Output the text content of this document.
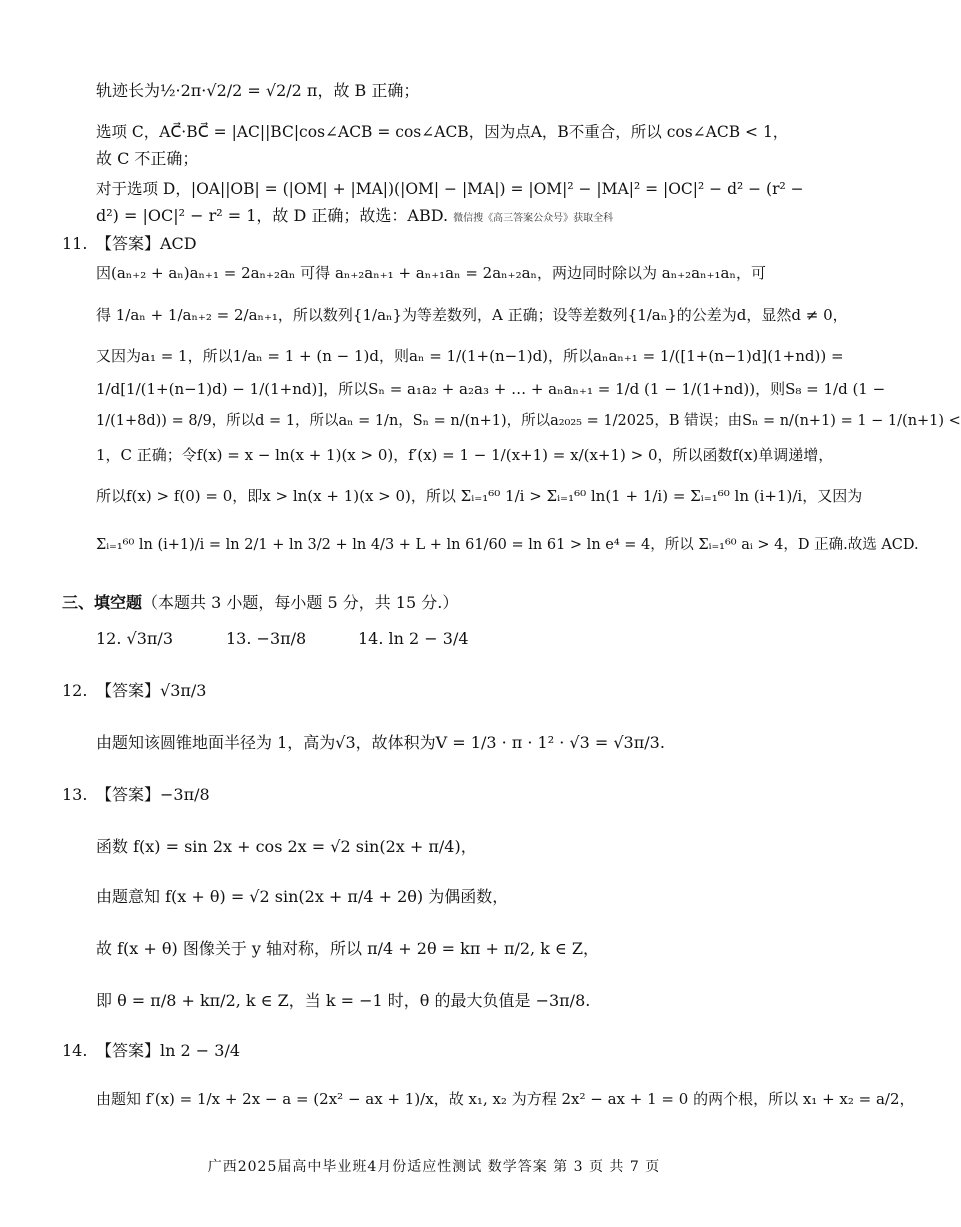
轨迹长为½·2π·√2/2 = √2/2 π，故 B 正确；
选项 C，AC⃗·BC⃗ = |AC||BC|cos∠ACB = cos∠ACB，因为点A，B不重合，所以 cos∠ACB < 1，
故 C 不正确；
对于选项 D，|OA||OB| = (|OM| + |MA|)(|OM| − |MA|) = |OM|² − |MA|² = |OC|² − d² − (r² −
d²) = |OC|² − r² = 1，故 D 正确；故选：ABD. 微信搜《高三答案公众号》获取全科
11. 【答案】ACD
因(aₙ₊₂ + aₙ)aₙ₊₁ = 2aₙ₊₂aₙ 可得 aₙ₊₂aₙ₊₁ + aₙ₊₁aₙ = 2aₙ₊₂aₙ，两边同时除以为 aₙ₊₂aₙ₊₁aₙ，可
得 1/aₙ + 1/aₙ₊₂ = 2/aₙ₊₁，所以数列{1/aₙ}为等差数列，A 正确；设等差数列{1/aₙ}的公差为d，显然d ≠ 0，
又因为a₁ = 1，所以1/aₙ = 1 + (n − 1)d，则aₙ = 1/(1+(n−1)d)，所以aₙaₙ₊₁ = 1/([1+(n−1)d](1+nd)) =
1/d[1/(1+(n−1)d) − 1/(1+nd)]，所以Sₙ = a₁a₂ + a₂a₃ + … + aₙaₙ₊₁ = 1/d (1 − 1/(1+nd))，则S₈ = 1/d (1 −
1/(1+8d)) = 8/9，所以d = 1，所以aₙ = 1/n，Sₙ = n/(n+1)，所以a₂₀₂₅ = 1/2025，B 错误；由Sₙ = n/(n+1) = 1 − 1/(n+1) <
1，C 正确；令f(x) = x − ln(x + 1)(x > 0)，f′(x) = 1 − 1/(x+1) = x/(x+1) > 0，所以函数f(x)单调递增，
所以f(x) > f(0) = 0，即x > ln(x + 1)(x > 0)，所以 Σᵢ₌₁⁶⁰ 1/i > Σᵢ₌₁⁶⁰ ln(1 + 1/i) = Σᵢ₌₁⁶⁰ ln (i+1)/i，又因为
Σᵢ₌₁⁶⁰ ln (i+1)/i = ln 2/1 + ln 3/2 + ln 4/3 + L + ln 61/60 = ln 61 > ln e⁴ = 4，所以 Σᵢ₌₁⁶⁰ aᵢ > 4，D 正确.故选 ACD.
三、填空题（本题共 3 小题，每小题 5 分，共 15 分.）
12. √3π/3	13. −3π/8	14. ln 2 − 3/4
12. 【答案】√3π/3
由题知该圆锥地面半径为 1，高为√3，故体积为V = 1/3 · π · 1² · √3 = √3π/3.
13. 【答案】−3π/8
函数 f(x) = sin 2x + cos 2x = √2 sin(2x + π/4)，
由题意知 f(x + θ) = √2 sin(2x + π/4 + 2θ) 为偶函数，
故 f(x + θ) 图像关于 y 轴对称，所以 π/4 + 2θ = kπ + π/2, k ∈ Z，
即 θ = π/8 + kπ/2, k ∈ Z，当 k = −1 时，θ 的最大负值是 −3π/8.
14. 【答案】ln 2 − 3/4
由题知 f′(x) = 1/x + 2x − a = (2x² − ax + 1)/x，故 x₁, x₂ 为方程 2x² − ax + 1 = 0 的两个根，所以 x₁ + x₂ = a/2，
广西2025届高中毕业班4月份适应性测试 数学答案 第 3 页 共 7 页
